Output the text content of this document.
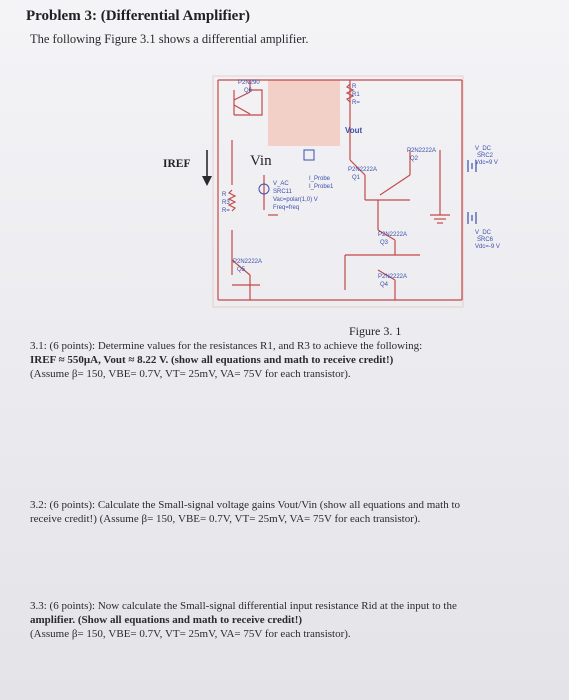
Problem 3: (Differential Amplifier)
The following Figure 3.1 shows a differential amplifier.
P2N290
Q6
R
R1
R=
P2N2222A
Q1
P2N2222A
Q2
P2N2222A
Q3
P2N2222A
Q4
P2N2222A
Q5
R
R3
R=
V_AC
SRC11
Vac=polar(1,0) V
Freq=freq
I_Probe
I_Probe1
V_DC
SRC2
Vdc=9 V
V_DC
SRC6
Vdc=-9 V
Vout
Vin
IREF
Figure 3. 1
3.1: (6 points): Determine values for the resistances R1, and R3 to achieve the following:
IREF ≈ 550μA, Vout ≈ 8.22 V. (show all equations and math to receive credit!)
(Assume β= 150, VBE= 0.7V, VT= 25mV, VA= 75V for each transistor).
3.2: (6 points): Calculate the Small-signal voltage gains Vout/Vin (show all equations and math to
receive credit!) (Assume β= 150, VBE= 0.7V, VT= 25mV, VA= 75V for each transistor).
3.3: (6 points): Now calculate the Small-signal differential input resistance Rid at the input to the
amplifier. (Show all equations and math to receive credit!)
(Assume β= 150, VBE= 0.7V, VT= 25mV, VA= 75V for each transistor).
